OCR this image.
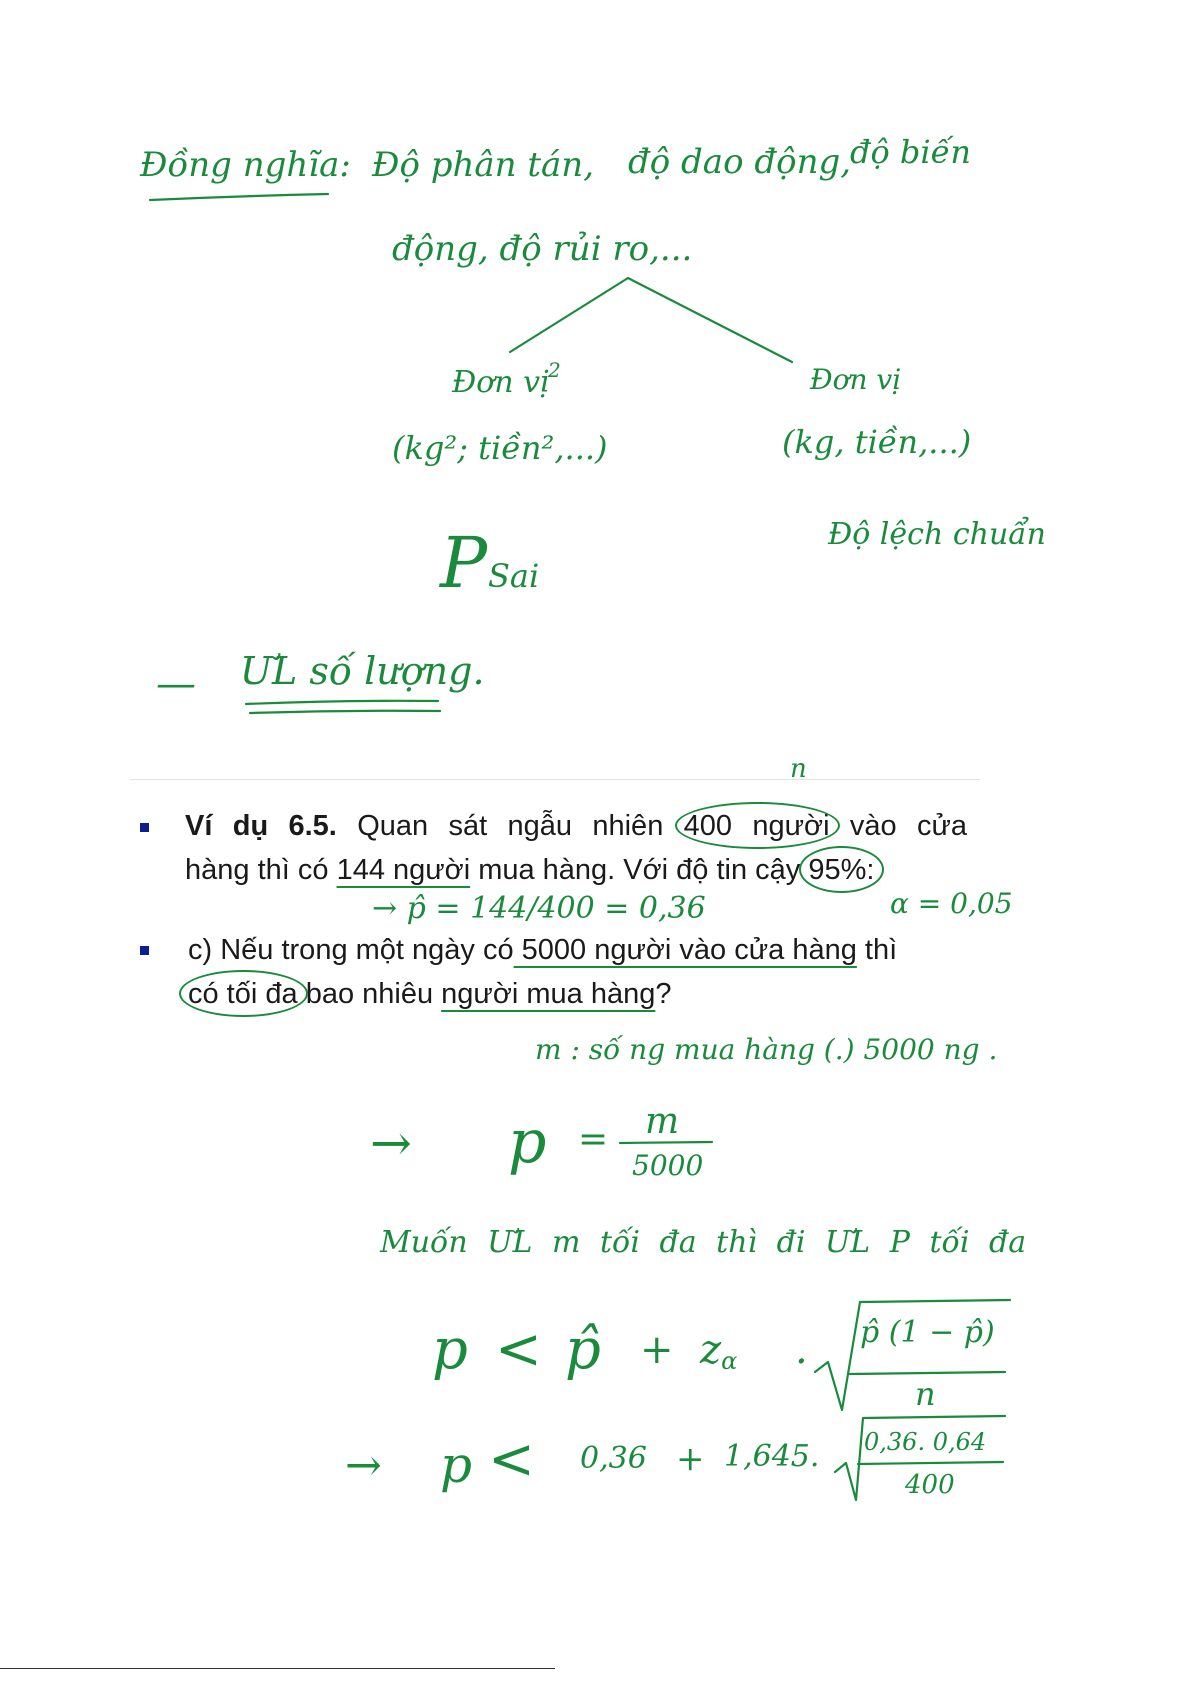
Đồng nghĩa: Độ phân tán, độ dao động,
độ biến
động, độ rủi ro,...
Đơn vị
2
(kg²; tiền²,...)
P Sai
Đơn vị
(kg, tiền,...)
Độ lệch chuẩn
— ƯL số lượng.
n
Ví dụ 6.5. Quan sát ngẫu nhiên 400 người vào cửa
hàng thì có 144 người mua hàng. Với độ tin cậy 95%:
→ p̂ = 144/400 = 0,36	α = 0,05
c) Nếu trong một ngày có 5000 người vào cửa hàng thì
có tối đa bao nhiêu người mua hàng?
m : số ng mua hàng (.) 5000 ng .
→ p = m
5000
Muốn ƯL m tối đa thì đi ƯL P tối đa
p < p̂ + $z_\alpha$ . p̂ (1 − p̂)
n
→ p < 0,36 + 1,645. 0,36. 0,64
400
